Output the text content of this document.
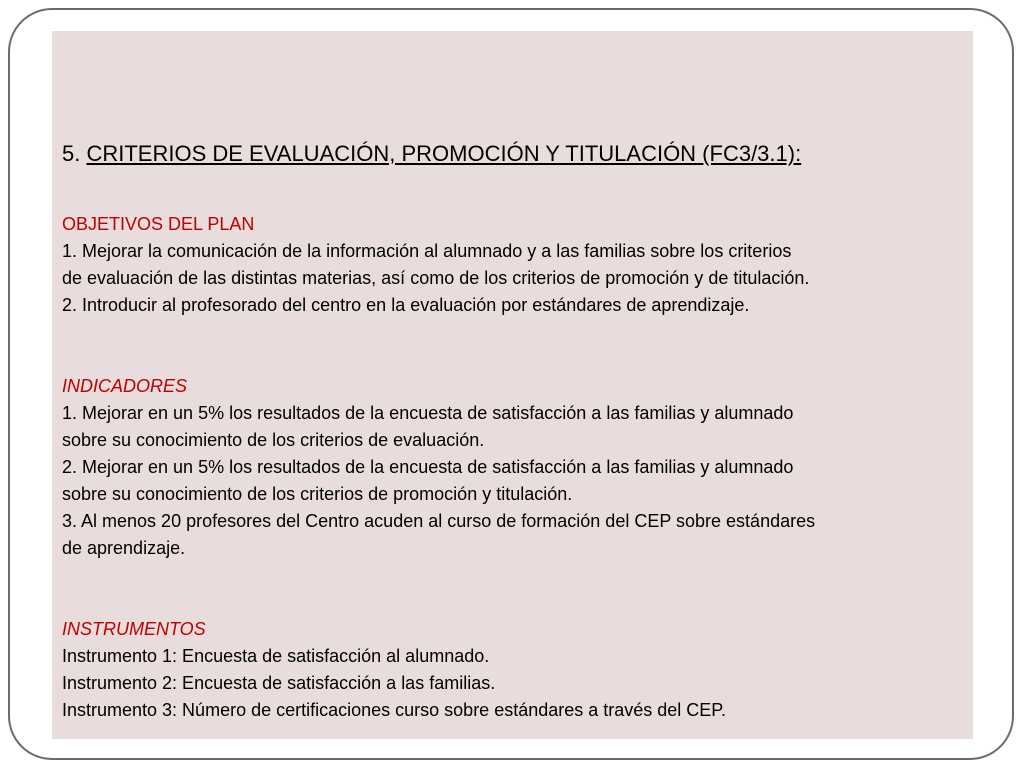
5. CRITERIOS DE EVALUACIÓN, PROMOCIÓN Y TITULACIÓN (FC3/3.1):
OBJETIVOS DEL PLAN
1. Mejorar la comunicación de la información al alumnado y a las familias sobre los criterios
de evaluación de las distintas materias, así como de los criterios de promoción y de titulación.
2. Introducir al profesorado del centro en la evaluación por estándares de aprendizaje.
INDICADORES
1. Mejorar en un 5% los resultados de la encuesta de satisfacción a las familias y alumnado
sobre su conocimiento de los criterios de evaluación.
2. Mejorar en un 5% los resultados de la encuesta de satisfacción a las familias y alumnado
sobre su conocimiento de los criterios de promoción y titulación.
3. Al menos 20 profesores del Centro acuden al curso de formación del CEP sobre estándares
de aprendizaje.
INSTRUMENTOS
Instrumento 1: Encuesta de satisfacción al alumnado.
Instrumento 2: Encuesta de satisfacción a las familias.
Instrumento 3: Número de certificaciones curso sobre estándares a través del CEP.
